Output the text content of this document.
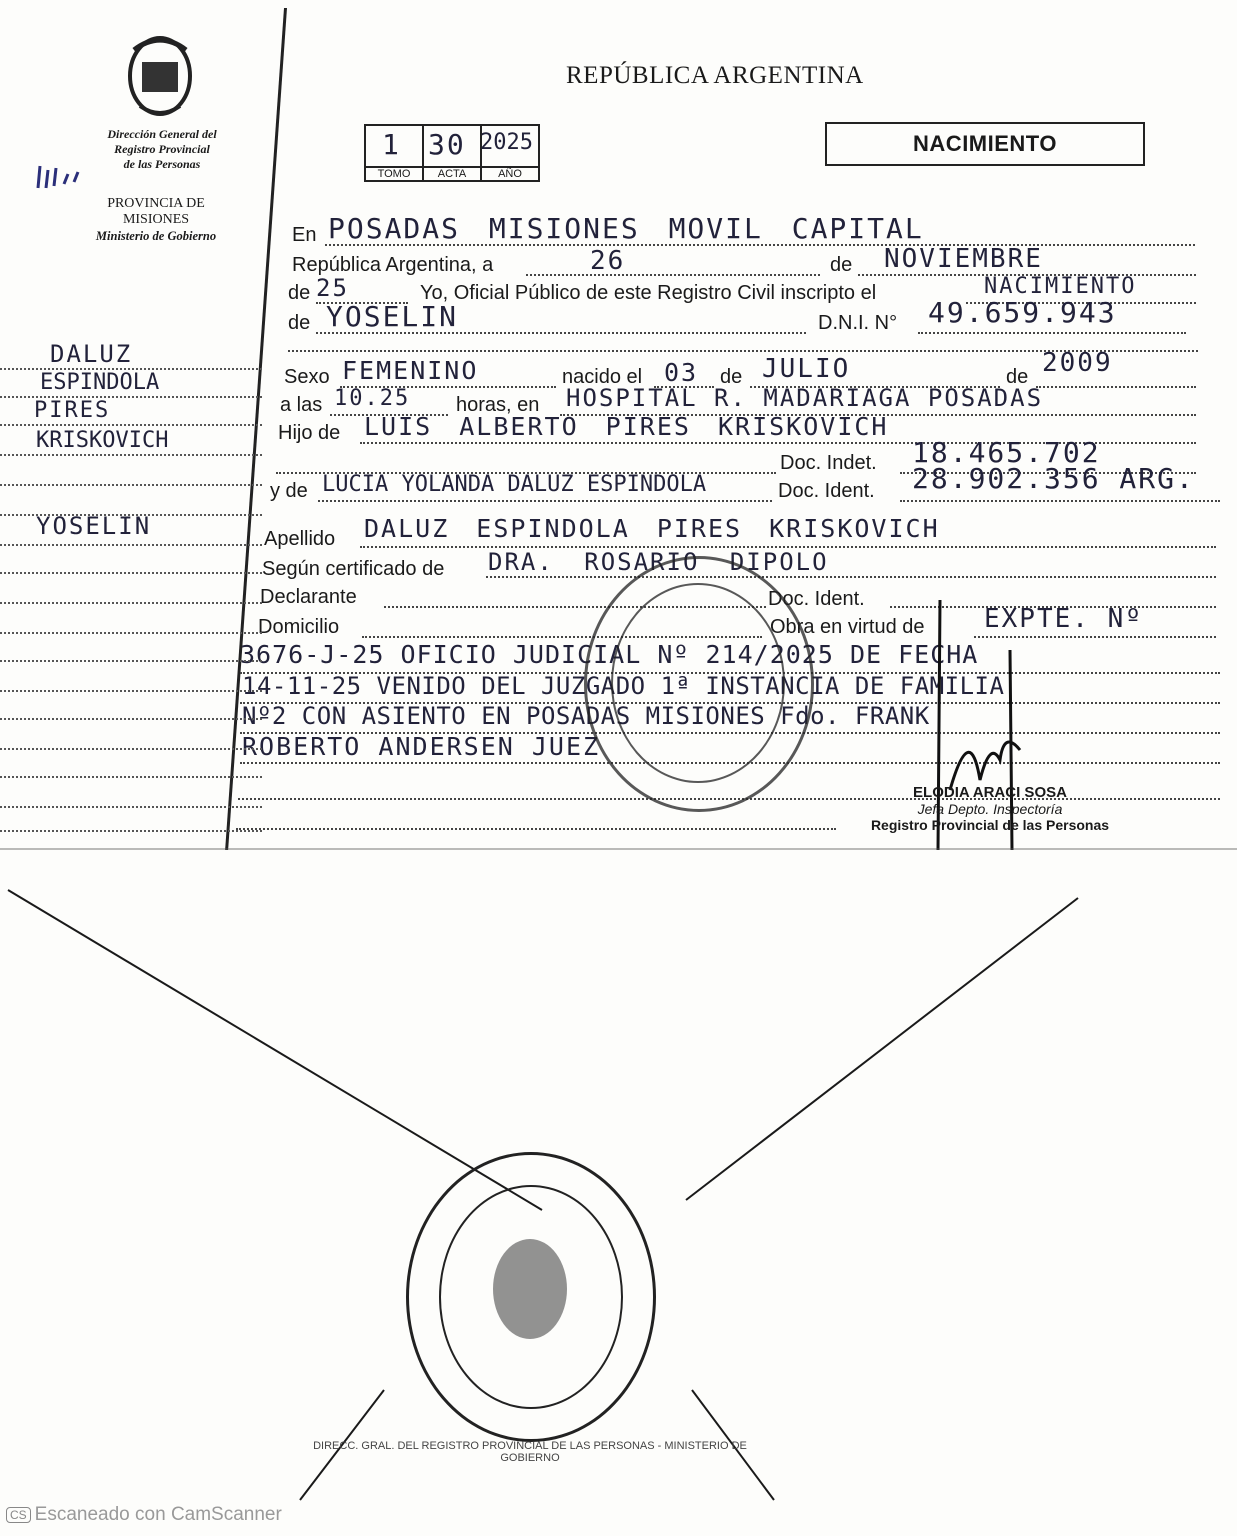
Dirección General del
Registro Provincial
de las Personas
PROVINCIA DE
MISIONES
Ministerio de Gobierno
REPÚBLICA ARGENTINA
1
TOMO
30
ACTA
2025
AÑO
NACIMIENTO
En POSADAS MISIONES MOVIL CAPITAL
República Argentina, a	26	de NOVIEMBRE
de 25	Yo, Oficial Público de este Registro Civil inscripto el	NACIMIENTO
de YOSELIN	D.N.I. N° 49.659.943
Sexo FEMENINO	nacido el 03 de JULIO	de 2009
a las 10.25 horas, en HOSPITAL R. MADARIAGA POSADAS
Hijo de LUIS ALBERTO PIRES KRISKOVICH
Doc. Indet. 18.465.702
y de LUCIA YOLANDA DALUZ ESPINDOLA	Doc. Ident. 28.902.356 ARG.
Apellido DALUZ ESPINDOLA PIRES KRISKOVICH
Según certificado de DRA. ROSARIO DIPOLO
Declarante	Doc. Ident.
Domicilio	Obra en virtud de EXPTE. Nº
3676-J-25 OFICIO JUDICIAL Nº 214/2025 DE FECHA
14-11-25 VENIDO DEL JUZGADO 1ª INSTANCIA DE FAMILIA
Nº2 CON ASIENTO EN POSADAS MISIONES Fdo. FRANK
ROBERTO ANDERSEN JUEZ
DALUZ
ESPINDOLA
PIRES
KRISKOVICH
YOSELIN
ELODIA ARACI SOSA
Jefa Depto. Inspectoría
Registro Provincial de las Personas
DIRECC. GRAL. DEL REGISTRO PROVINCIAL DE LAS PERSONAS - MINISTERIO DE GOBIERNO
CS Escaneado con CamScanner
